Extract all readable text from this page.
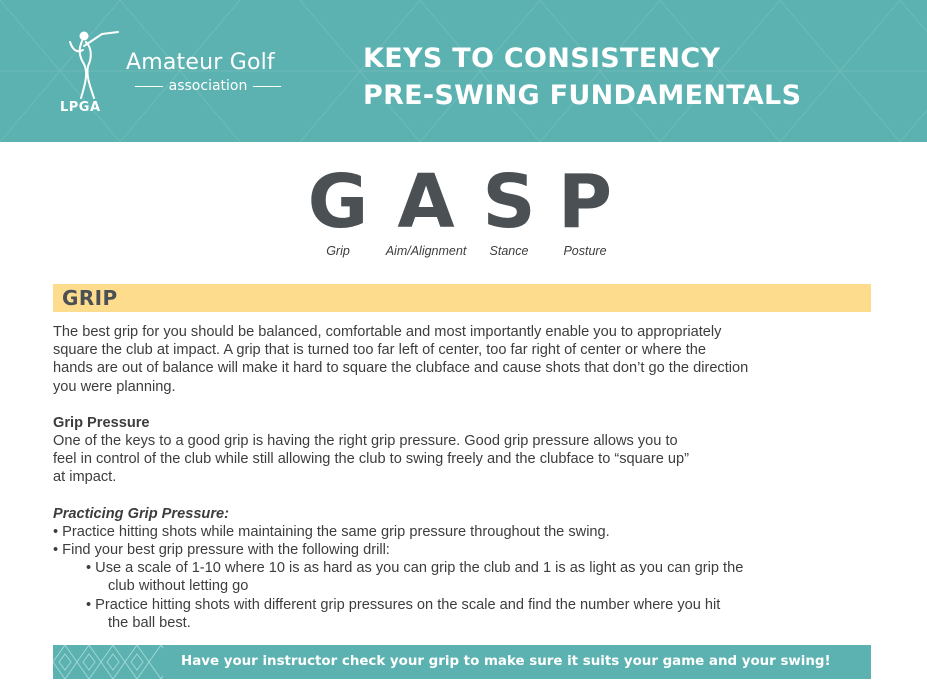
Amateur Golf
association
LPGA
KEYS TO CONSISTENCY
PRE-SWING FUNDAMENTALS
G
Grip
A
Aim/Alignment
S
Stance
P
Posture
GRIP

The best grip for you should be balanced, comfortable and most importantly enable you to appropriately

square the club at impact. A grip that is turned too far left of center, too far right of center or where the

hands are out of balance will make it hard to square the clubface and cause shots that don’t go the direction

you were planning.

Grip Pressure

One of the keys to a good grip is having the right grip pressure. Good grip pressure allows you to

feel in control of the club while still allowing the club to swing freely and the clubface to “square up”

at impact.

Practicing Grip Pressure:

• Practice hitting shots while maintaining the same grip pressure throughout the swing.

• Find your best grip pressure with the following drill:

• Use a scale of 1-10 where 10 is as hard as you can grip the club and 1 is as light as you can grip the
club without letting go

• Practice hitting shots with different grip pressures on the scale and find the number where you hit
the ball best.

Have your instructor check your grip to make sure it suits your game and your swing!
